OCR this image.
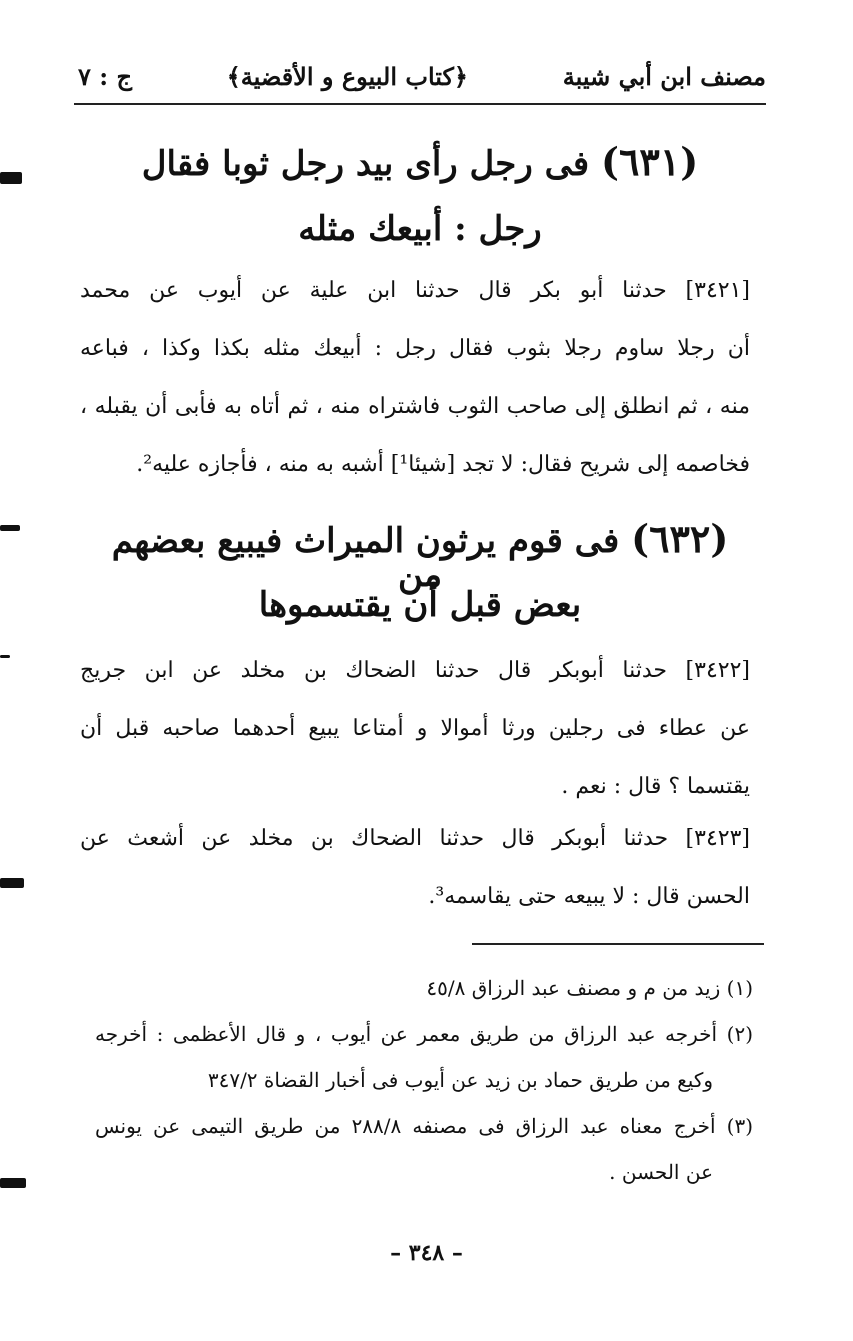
مصنف ابن أبي شيبة
﴿كتاب البيوع و الأقضية﴾
ج : ٧
(٦٣١) فى رجل رأى بيد رجل ثوبا فقال
رجل : أبيعك مثله
[٣٤٢١] حدثنا أبو بكر قال حدثنا ابن علية عن أيوب عن محمد
أن رجلا ساوم رجلا بثوب فقال رجل : أبيعك مثله بكذا وكذا ، فباعه
منه ، ثم انطلق إلى صاحب الثوب فاشتراه منه ، ثم أتاه به فأبى أن يقبله ،
فخاصمه إلى شريح فقال: لا تجد [شيئا¹] أشبه به منه ، فأجازه عليه².
(٦٣٢) فى قوم يرثون الميراث فيبيع بعضهم من
بعض قبل أن يقتسموها
[٣٤٢٢] حدثنا أبوبكر قال حدثنا الضحاك بن مخلد عن ابن جريج
عن عطاء فى رجلين ورثا أموالا و أمتاعا يبيع أحدهما صاحبه قبل أن
يقتسما ؟ قال : نعم .
[٣٤٢٣] حدثنا أبوبكر قال حدثنا الضحاك بن مخلد عن أشعث عن
الحسن قال : لا يبيعه حتى يقاسمه³.
(١) زيد من م و مصنف عبد الرزاق ٤٥/٨
(٢) أخرجه عبد الرزاق من طريق معمر عن أيوب ، و قال الأعظمى : أخرجه
وكيع من طريق حماد بن زيد عن أيوب فى أخبار القضاة ٣٤٧/٢
(٣) أخرج معناه عبد الرزاق فى مصنفه ٢٨٨/٨ من طريق التيمى عن يونس
عن الحسن .
– ٣٤٨ –
